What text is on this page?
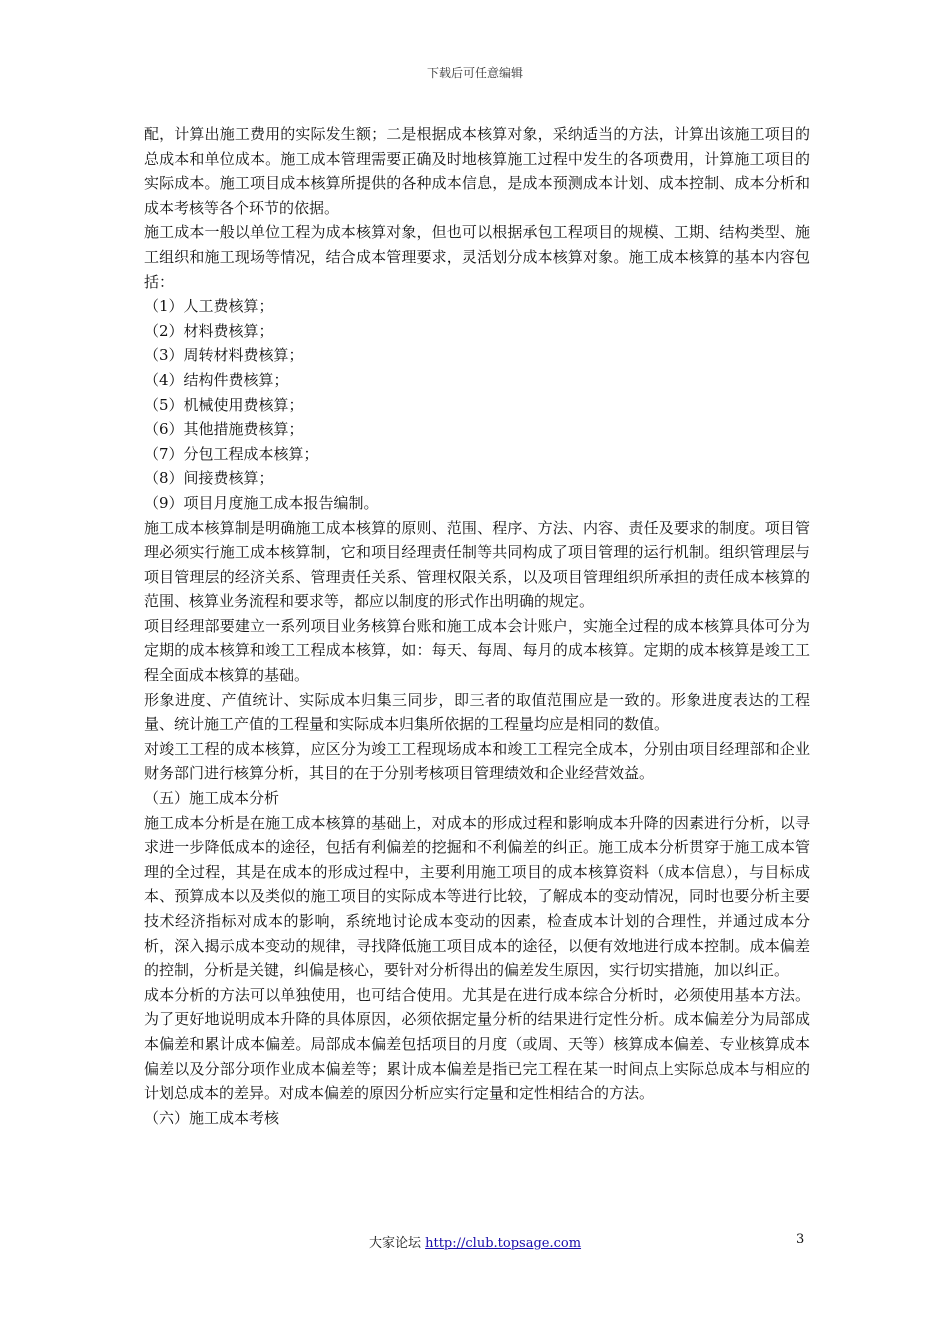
下载后可任意编辑

配，计算出施工费用的实际发生额；二是根据成本核算对象，采纳适当的方法，计算出该施工项目的总成本和单位成本。施工成本管理需要正确及时地核算施工过程中发生的各项费用，计算施工项目的实际成本。施工项目成本核算所提供的各种成本信息，是成本预测成本计划、成本控制、成本分析和成本考核等各个环节的依据。

施工成本一般以单位工程为成本核算对象，但也可以根据承包工程项目的规模、工期、结构类型、施工组织和施工现场等情况，结合成本管理要求，灵活划分成本核算对象。施工成本核算的基本内容包括：

（1）人工费核算；

（2）材料费核算；

（3）周转材料费核算；

（4）结构件费核算；

（5）机械使用费核算；

（6）其他措施费核算；

（7）分包工程成本核算；

（8）间接费核算；

（9）项目月度施工成本报告编制。

施工成本核算制是明确施工成本核算的原则、范围、程序、方法、内容、责任及要求的制度。项目管理必须实行施工成本核算制，它和项目经理责任制等共同构成了项目管理的运行机制。组织管理层与项目管理层的经济关系、管理责任关系、管理权限关系，以及项目管理组织所承担的责任成本核算的范围、核算业务流程和要求等，都应以制度的形式作出明确的规定。

项目经理部要建立一系列项目业务核算台账和施工成本会计账户，实施全过程的成本核算具体可分为定期的成本核算和竣工工程成本核算，如：每天、每周、每月的成本核算。定期的成本核算是竣工工程全面成本核算的基础。

形象进度、产值统计、实际成本归集三同步，即三者的取值范围应是一致的。形象进度表达的工程量、统计施工产值的工程量和实际成本归集所依据的工程量均应是相同的数值。

对竣工工程的成本核算，应区分为竣工工程现场成本和竣工工程完全成本，分别由项目经理部和企业财务部门进行核算分析，其目的在于分别考核项目管理绩效和企业经营效益。

（五）施工成本分析

施工成本分析是在施工成本核算的基础上，对成本的形成过程和影响成本升降的因素进行分析，以寻求进一步降低成本的途径，包括有利偏差的挖掘和不利偏差的纠正。施工成本分析贯穿于施工成本管理的全过程，其是在成本的形成过程中，主要利用施工项目的成本核算资料（成本信息），与目标成本、预算成本以及类似的施工项目的实际成本等进行比较，了解成本的变动情况，同时也要分析主要技术经济指标对成本的影响，系统地讨论成本变动的因素，检查成本计划的合理性，并通过成本分析，深入揭示成本变动的规律，寻找降低施工项目成本的途径，以便有效地进行成本控制。成本偏差的控制，分析是关键，纠偏是核心，要针对分析得出的偏差发生原因，实行切实措施，加以纠正。

成本分析的方法可以单独使用，也可结合使用。尤其是在进行成本综合分析时，必须使用基本方法。为了更好地说明成本升降的具体原因，必须依据定量分析的结果进行定性分析。成本偏差分为局部成本偏差和累计成本偏差。局部成本偏差包括项目的月度（或周、天等）核算成本偏差、专业核算成本偏差以及分部分项作业成本偏差等；累计成本偏差是指已完工程在某一时间点上实际总成本与相应的计划总成本的差异。对成本偏差的原因分析应实行定量和定性相结合的方法。

（六）施工成本考核

大家论坛 http://club.topsage.com	3
